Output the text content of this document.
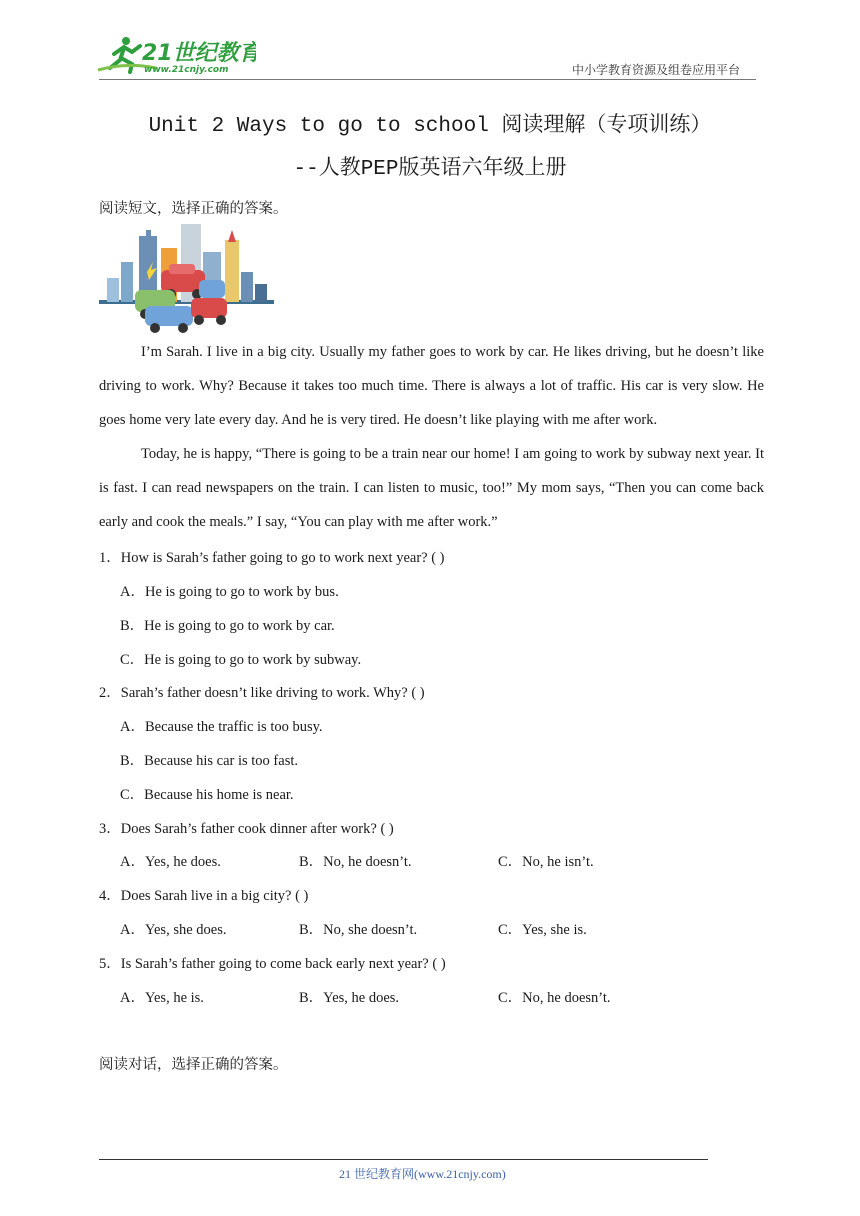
21世纪教育
www.21cnjy.com	中小学教育资源及组卷应用平台
Unit 2 Ways to go to school 阅读理解（专项训练）
--人教PEP版英语六年级上册
阅读短文，选择正确的答案。

I’m Sarah. I live in a big city. Usually my father goes to work by car. He likes driving, but he doesn’t like driving to work. Why? Because it takes too much time. There is always a lot of traffic. His car is very slow. He goes home very late every day. And he is very tired. He doesn’t like playing with me after work.

Today, he is happy, “There is going to be a train near our home! I am going to work by subway next year. It is fast. I can read newspapers on the train. I can listen to music, too!” My mom says, “Then you can come back early and cook the meals.” I say, “You can play with me after work.”

1．How is Sarah’s father going to go to work next year? ( )
A．He is going to go to work by bus.
B．He is going to go to work by car.
C．He is going to go to work by subway.
2．Sarah’s father doesn’t like driving to work. Why? ( )
A．Because the traffic is too busy.
B．Because his car is too fast.
C．Because his home is near.
3．Does Sarah’s father cook dinner after work? ( )
A．Yes, he does.	B．No, he doesn’t.	C．No, he isn’t.
4．Does Sarah live in a big city? ( )
A．Yes, she does.	B．No, she doesn’t.	C．Yes, she is.
5．Is Sarah’s father going to come back early next year? ( )
A．Yes, he is.	B．Yes, he does.	C．No, he doesn’t.
阅读对话，选择正确的答案。
21 世纪教育网(www.21cnjy.com)
